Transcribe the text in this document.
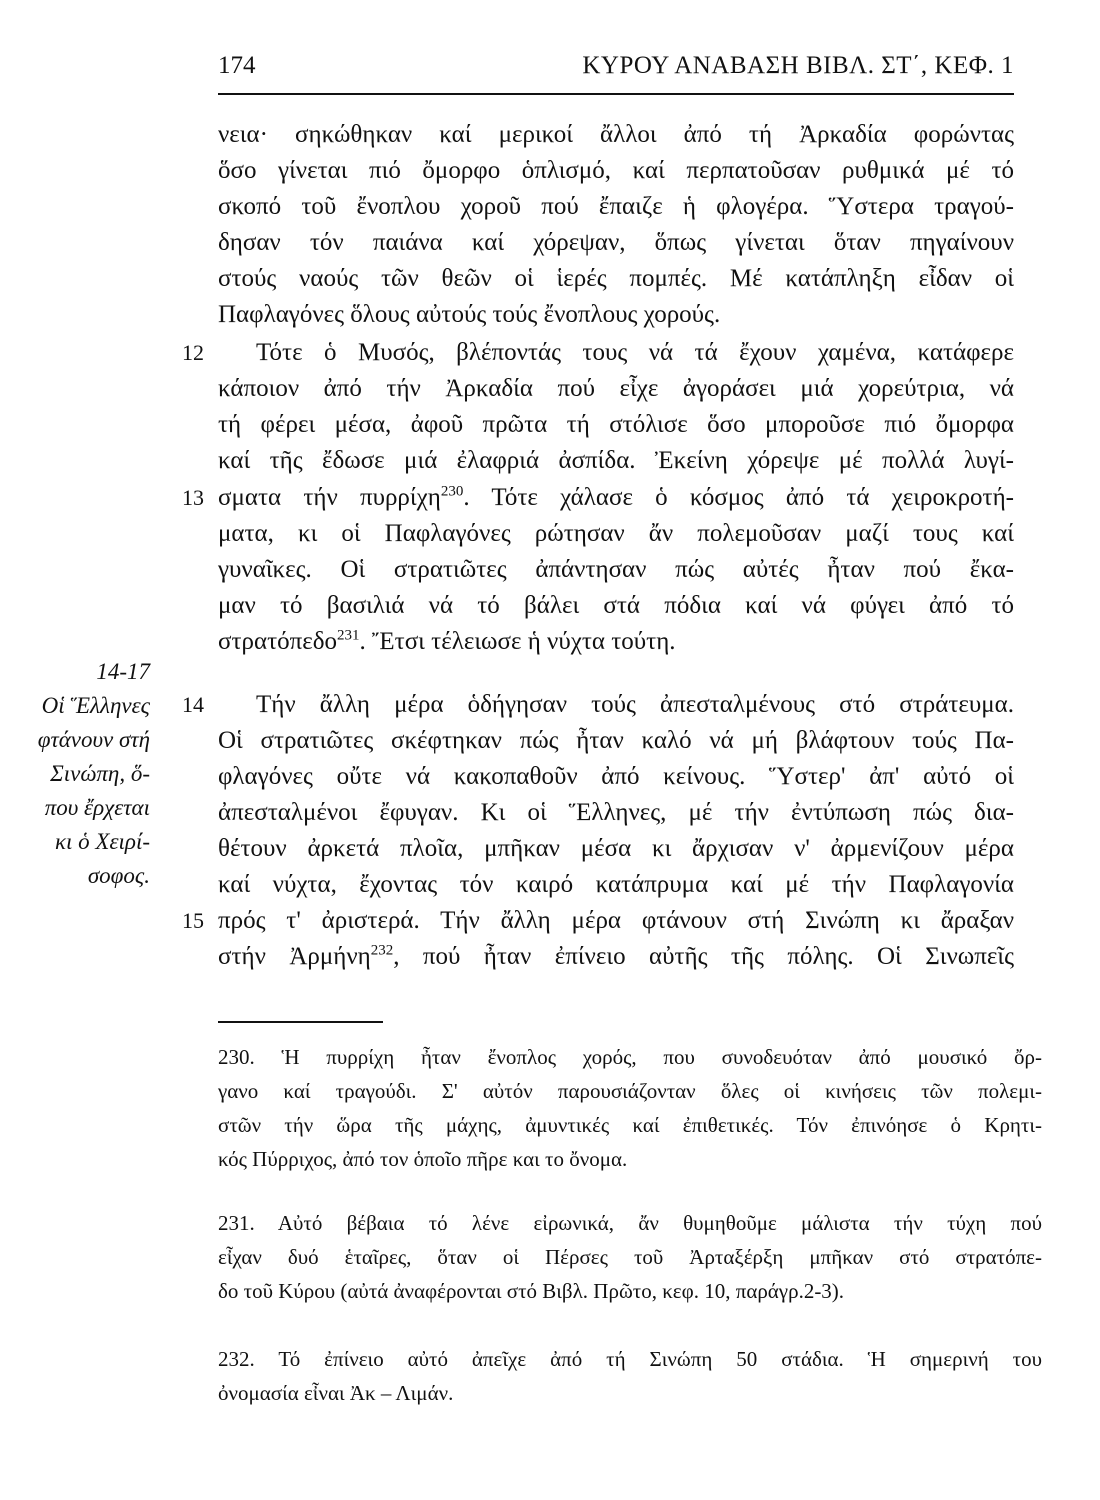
174	ΚΥΡΟΥ ΑΝΑΒΑΣΗ ΒΙΒΛ. ΣΤ΄, ΚΕΦ. 1
νεια· σηκώθηκαν καί μερικοί ἄλλοι ἀπό τή Ἀρκαδία φορώντας
ὅσο γίνεται πιό ὄμορφο ὁπλισμό, καί περπατοῦσαν ρυθμικά μέ τό
σκοπό τοῦ ἔνοπλου χοροῦ πού ἔπαιζε ἡ φλογέρα. Ὕστερα τραγού-
δησαν τόν παιάνα καί χόρεψαν, ὅπως γίνεται ὅταν πηγαίνουν
στούς ναούς τῶν θεῶν οἱ ἱερές πομπές. Μέ κατάπληξη εἶδαν οἱ
Παφλαγόνες ὅλους αὐτούς τούς ἔνοπλους χορούς.
12	Τότε ὁ Μυσός, βλέποντάς τους νά τά ἔχουν χαμένα, κατάφερε
κάποιον ἀπό τήν Ἀρκαδία πού εἶχε ἀγοράσει μιά χορεύτρια, νά
τή φέρει μέσα, ἀφοῦ πρῶτα τή στόλισε ὅσο μποροῦσε πιό ὄμορφα
καί τῆς ἔδωσε μιά ἐλαφριά ἀσπίδα. Ἐκείνη χόρεψε μέ πολλά λυγί-
13 σματα τήν πυρρίχη$^{230}$. Τότε χάλασε ὁ κόσμος ἀπό τά χειροκροτή-
ματα, κι οἱ Παφλαγόνες ρώτησαν ἄν πολεμοῦσαν μαζί τους καί
γυναῖκες. Οἱ στρατιῶτες ἀπάντησαν πώς αὐτές ἦταν πού ἔκα-
μαν τό βασιλιά νά τό βάλει στά πόδια καί νά φύγει ἀπό τό
στρατόπεδο$^{231}$. Ἔτσι τέλειωσε ἡ νύχτα τούτη.
14	Τήν ἄλλη μέρα ὁδήγησαν τούς ἀπεσταλμένους στό στράτευμα.
Οἱ στρατιῶτες σκέφτηκαν πώς ἦταν καλό νά μή βλάφτουν τούς Πα-
φλαγόνες οὔτε νά κακοπαθοῦν ἀπό κείνους. Ὕστερ' ἀπ' αὐτό οἱ
ἀπεσταλμένοι ἔφυγαν. Κι οἱ Ἕλληνες, μέ τήν ἐντύπωση πώς δια-
θέτουν ἀρκετά πλοῖα, μπῆκαν μέσα κι ἄρχισαν ν' ἀρμενίζουν μέρα
καί νύχτα, ἔχοντας τόν καιρό κατάπρυμα καί μέ τήν Παφλαγονία
15 πρός τ' ἀριστερά. Τήν ἄλλη μέρα φτάνουν στή Σινώπη κι ἄραξαν
στήν Ἀρμήνη$^{232}$, πού ἦταν ἐπίνειο αὐτῆς τῆς πόλης. Οἱ Σινωπεῖς
14-17
Οἱ Ἕλληνες
φτάνουν στή
Σινώπη, ὅ-
που ἔρχεται
κι ὁ Χειρί-
σοφος.
230. Ἡ πυρρίχη ἦταν ἔνοπλος χορός, που συνοδευόταν ἀπό μουσικό ὄρ-
γανο καί τραγούδι. Σ' αὐτόν παρουσιάζονταν ὅλες οἱ κινήσεις τῶν πολεμι-
στῶν τήν ὥρα τῆς μάχης, ἀμυντικές καί ἐπιθετικές. Τόν ἐπινόησε ὁ Κρητι-
κός Πύρριχος, ἀπό τον ὁποῖο πῆρε και το ὄνομα.
231. Αὐτό βέβαια τό λένε εἰρωνικά, ἄν θυμηθοῦμε μάλιστα τήν τύχη πού
εἶχαν δυό ἑταῖρες, ὅταν οἱ Πέρσες τοῦ Ἀρταξέρξη μπῆκαν στό στρατόπε-
δο τοῦ Κύρου (αὐτά ἀναφέρονται στό Βιβλ. Πρῶτο, κεφ. 10, παράγρ.2-3).
232. Τό ἐπίνειο αὐτό ἀπεῖχε ἀπό τή Σινώπη 50 στάδια. Ἡ σημερινή του
ὀνομασία εἶναι Ἀκ – Λιμάν.
